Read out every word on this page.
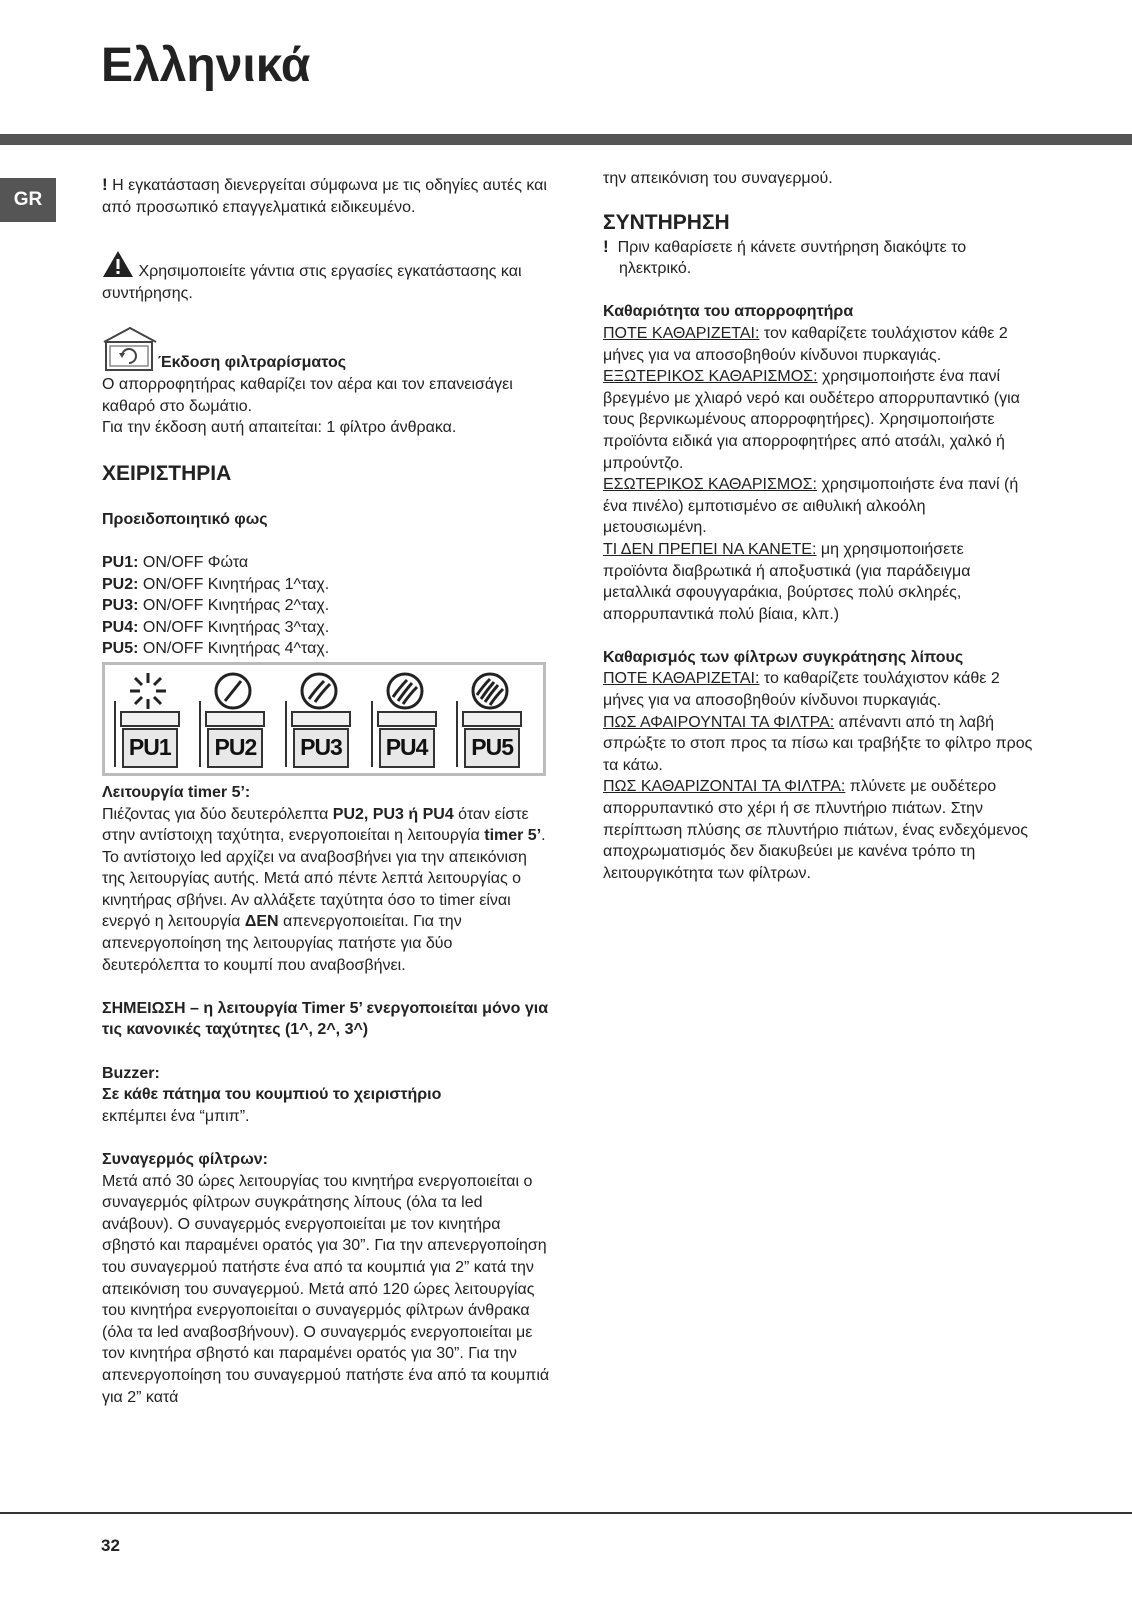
Ελληνικά
GR

! Η εγκατάσταση διενεργείται σύμφωνα με τις οδηγίες αυτές και από προσωπικό επαγγελματικά ειδικευμένο.

Χρησιμοποιείτε γάντια στις εργασίες εγκατάστασης και συντήρησης.

Έκδοση φιλτραρίσματος

Ο απορροφητήρας καθαρίζει τον αέρα και τον επανεισάγει καθαρό στο δωμάτιο.

Για την έκδοση αυτή απαιτείται: 1 φίλτρο άνθρακα.

ΧΕΙΡΙΣΤΗΡΙΑ

Προειδοποιητικό φως

PU1: ON/OFF Φώτα

PU2: ON/OFF Κινητήρας 1^ταχ.

PU3: ON/OFF Κινητήρας 2^ταχ.

PU4: ON/OFF Κινητήρας 3^ταχ.

PU5: ON/OFF Κινητήρας 4^ταχ.

PU1	PU2	PU3	PU4	PU5

Λειτουργία timer 5’:

Πιέζοντας για δύο δευτερόλεπτα PU2, PU3 ή PU4 όταν είστε στην αντίστοιχη ταχύτητα, ενεργοποιείται η λειτουργία timer 5’. Το αντίστοιχο led αρχίζει να αναβοσβήνει για την απεικόνιση της λειτουργίας αυτής. Μετά από πέντε λεπτά λειτουργίας ο κινητήρας σβήνει. Αν αλλάξετε ταχύτητα όσο το timer είναι ενεργό η λειτουργία ΔΕΝ απενεργοποιείται. Για την απενεργοποίηση της λειτουργίας πατήστε για δύο δευτερόλεπτα το κουμπί που αναβοσβήνει.

ΣΗΜΕΙΩΣΗ – η λειτουργία Timer 5’ ενεργοποιείται μόνο για τις κανονικές ταχύτητες (1^, 2^, 3^)

Buzzer:

Σε κάθε πάτημα του κουμπιού το χειριστήριο

εκπέμπει ένα “μπιπ”.

Συναγερμός φίλτρων:

Μετά από 30 ώρες λειτουργίας του κινητήρα ενεργοποιείται ο συναγερμός φίλτρων συγκράτησης λίπους (όλα τα led ανάβουν). Ο συναγερμός ενεργοποιείται με τον κινητήρα σβηστό και παραμένει ορατός για 30”. Για την απενεργοποίηση του συναγερμού πατήστε ένα από τα κουμπιά για 2” κατά την απεικόνιση του συναγερμού. Μετά από 120 ώρες λειτουργίας του κινητήρα ενεργοποιείται ο συναγερμός φίλτρων άνθρακα (όλα τα led αναβοσβήνουν). Ο συναγερμός ενεργοποιείται με τον κινητήρα σβηστό και παραμένει ορατός για 30”. Για την απενεργοποίηση του συναγερμού πατήστε ένα από τα κουμπιά για 2” κατά

την απεικόνιση του συναγερμού.

ΣΥΝΤΗΡΗΣΗ

! Πριν καθαρίσετε ή κάνετε συντήρηση διακόψτε το ηλεκτρικό.

Καθαριότητα του απορροφητήρα

ΠΟΤΕ ΚΑΘΑΡΙΖΕΤΑΙ: τον καθαρίζετε τουλάχιστον κάθε 2 μήνες για να αποσοβηθούν κίνδυνοι πυρκαγιάς.
ΕΞΩΤΕΡΙΚΟΣ ΚΑΘΑΡΙΣΜΟΣ: χρησιμοποιήστε ένα πανί βρεγμένο με χλιαρό νερό και ουδέτερο απορρυπαντικό (για τους βερνικωμένους απορροφητήρες). Χρησιμοποιήστε προϊόντα ειδικά για απορροφητήρες από ατσάλι, χαλκό ή μπρούντζο.
ΕΣΩΤΕΡΙΚΟΣ ΚΑΘΑΡΙΣΜΟΣ: χρησιμοποιήστε ένα πανί (ή ένα πινέλο) εμποτισμένο σε αιθυλική αλκοόλη μετουσιωμένη.
ΤΙ ΔΕΝ ΠΡΕΠΕΙ ΝΑ ΚΑΝΕΤΕ: μη χρησιμοποιήσετε προϊόντα διαβρωτικά ή αποξυστικά (για παράδειγμα μεταλλικά σφουγγαράκια, βούρτσες πολύ σκληρές, απορρυπαντικά πολύ βίαια, κλπ.)

Καθαρισμός των φίλτρων συγκράτησης λίπους

ΠΟΤΕ ΚΑΘΑΡΙΖΕΤΑΙ: το καθαρίζετε τουλάχιστον κάθε 2 μήνες για να αποσοβηθούν κίνδυνοι πυρκαγιάς.
ΠΩΣ ΑΦΑΙΡΟΥΝΤΑΙ ΤΑ ΦΙΛΤΡΑ: απέναντι από τη λαβή σπρώξτε το στοπ προς τα πίσω και τραβήξτε το φίλτρο προς τα κάτω.
ΠΩΣ ΚΑΘΑΡΙΖΟΝΤΑΙ ΤΑ ΦΙΛΤΡΑ: πλύνετε με ουδέτερο απορρυπαντικό στο χέρι ή σε πλυντήριο πιάτων. Στην περίπτωση πλύσης σε πλυντήριο πιάτων, ένας ενδεχόμενος αποχρωματισμός δεν διακυβεύει με κανένα τρόπο τη λειτουργικότητα των φίλτρων.

32
